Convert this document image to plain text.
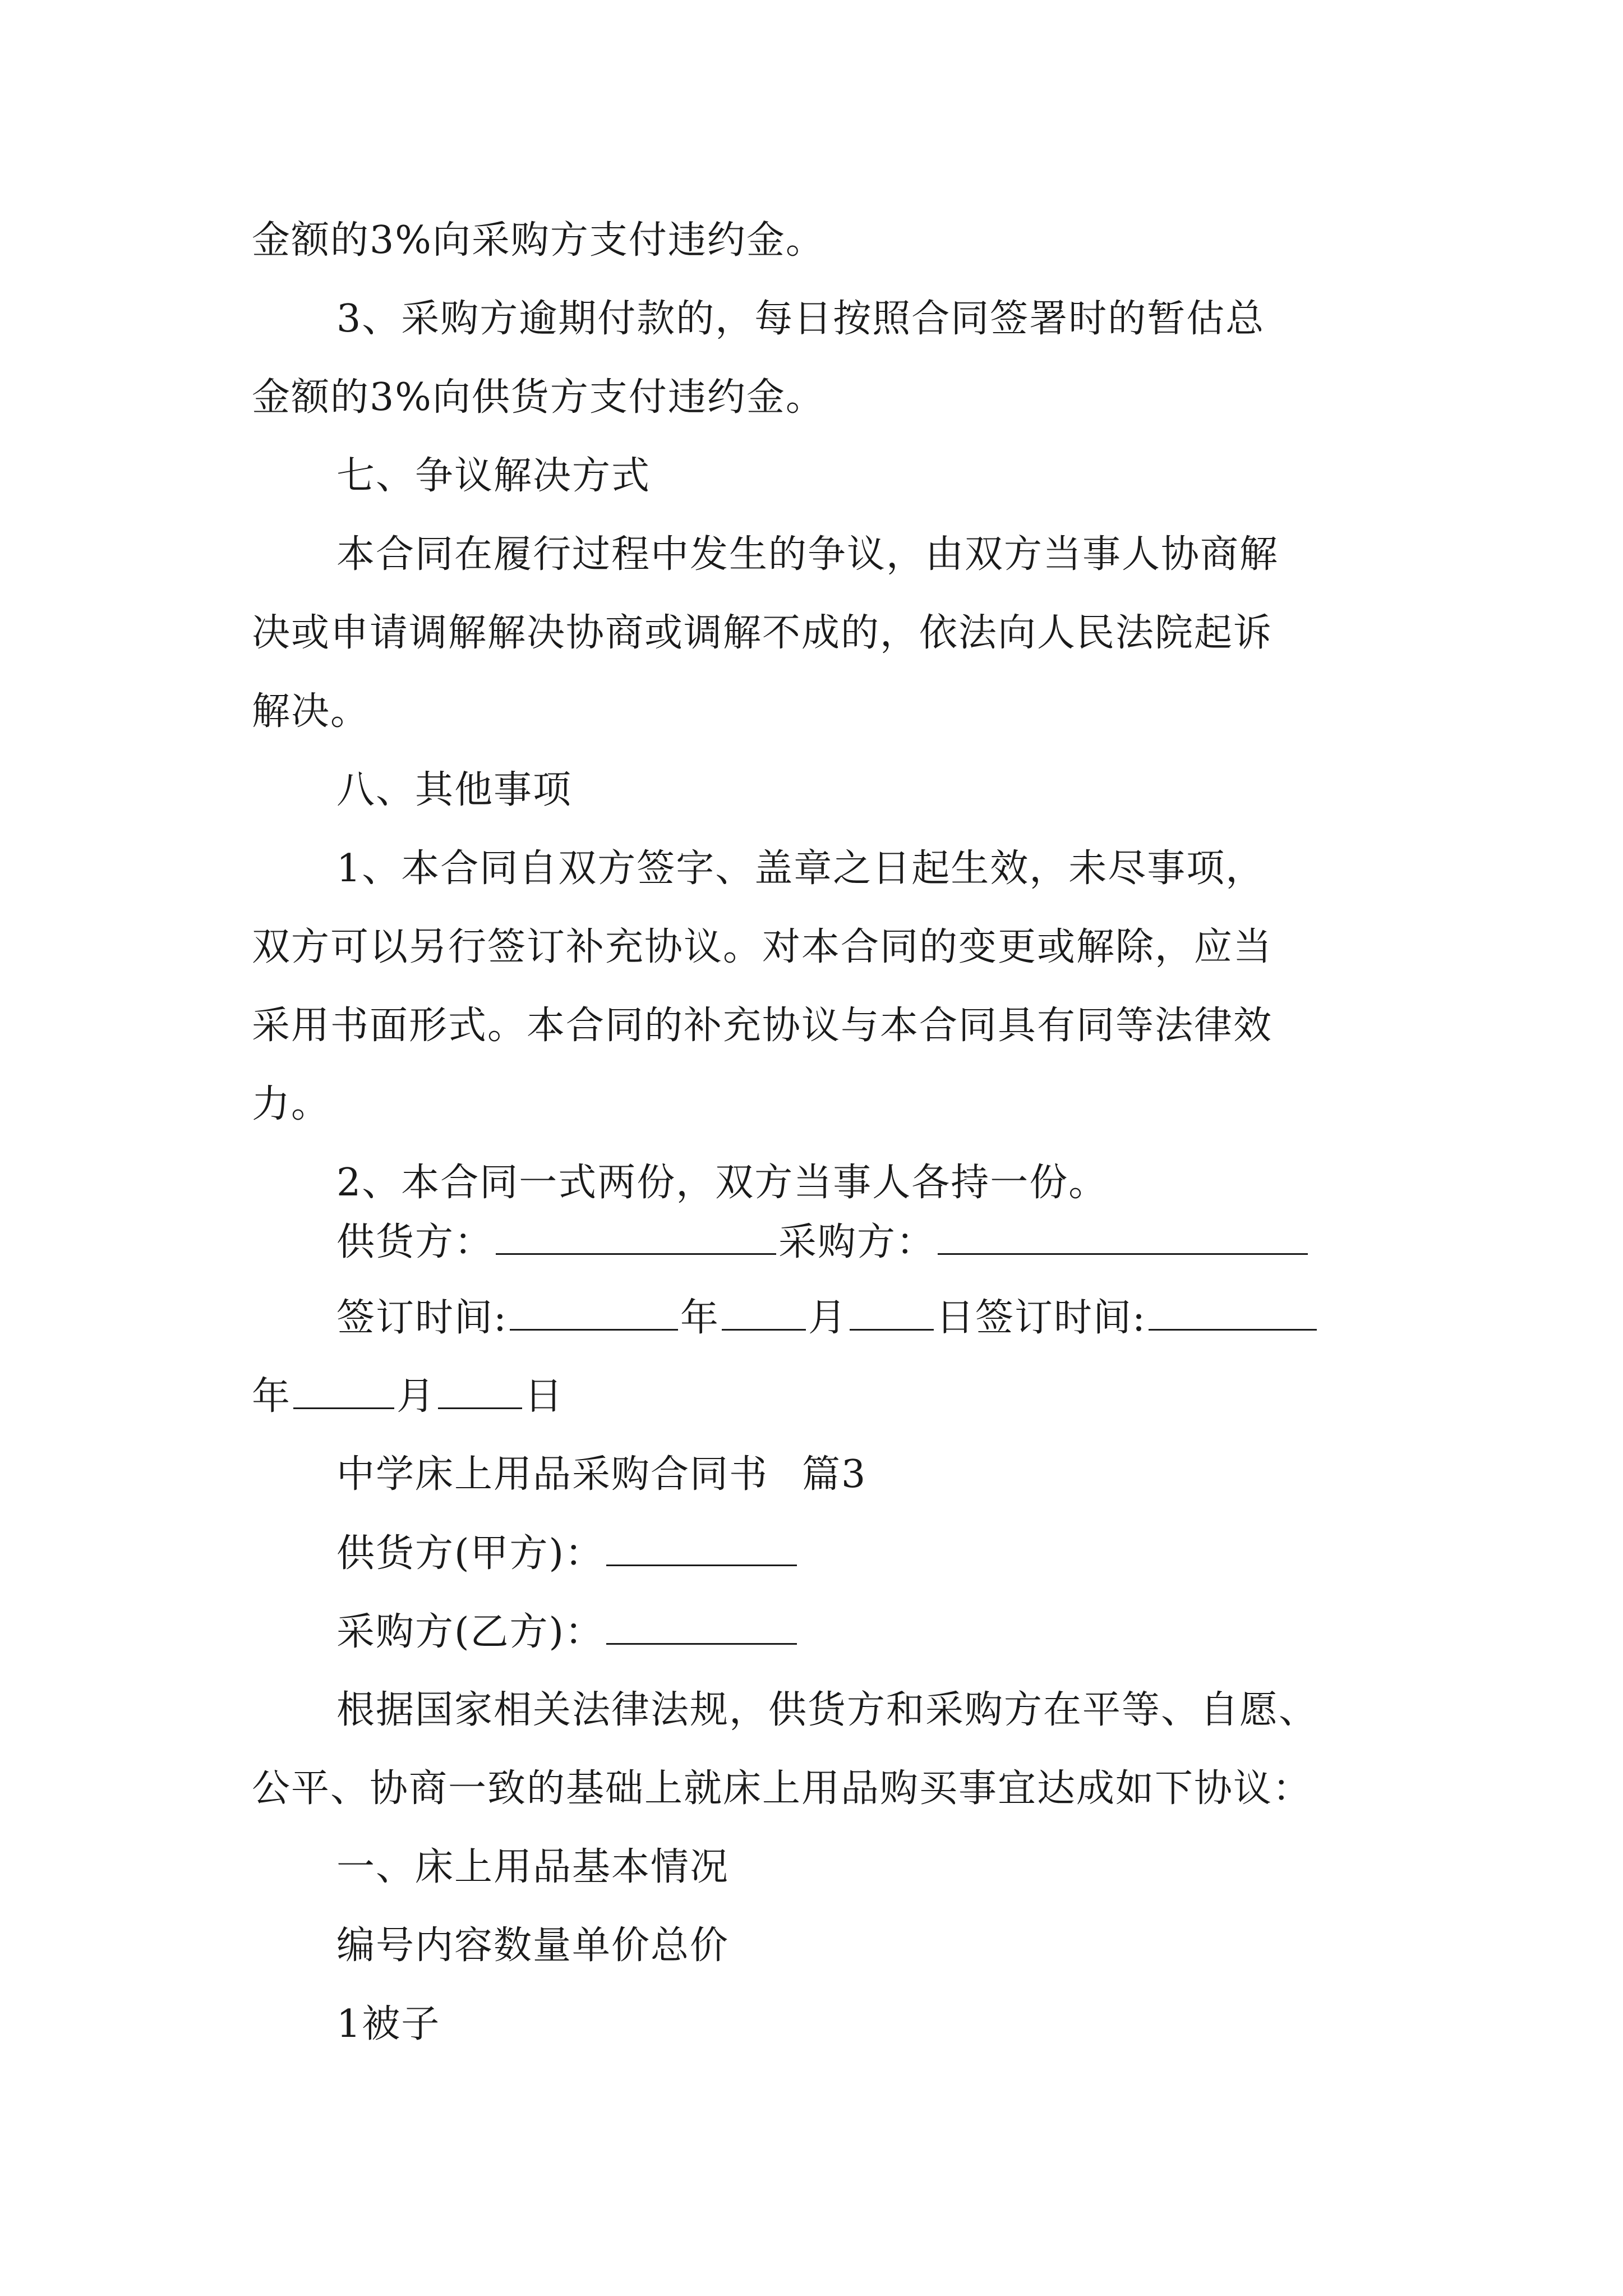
金额的3%向采购方支付违约金。
3、采购方逾期付款的，每日按照合同签署时的暂估总
金额的3%向供货方支付违约金。
七、争议解决方式
本合同在履行过程中发生的争议，由双方当事人协商解
决或申请调解解决协商或调解不成的，依法向人民法院起诉
解决。
八、其他事项
1、本合同自双方签字、盖章之日起生效，未尽事项，
双方可以另行签订补充协议。对本合同的变更或解除，应当
采用书面形式。本合同的补充协议与本合同具有同等法律效
力。
2、本合同一式两份，双方当事人各持一份。
供货方：	采购方：
签订时间:	年 月 日签订时间:
年	月 日
中学床上用品采购合同书 篇3
供货方(甲方)：
采购方(乙方)：
根据国家相关法律法规，供货方和采购方在平等、自愿、
公平、协商一致的基础上就床上用品购买事宜达成如下协议：
一、床上用品基本情况
编号内容数量单价总价
1被子
